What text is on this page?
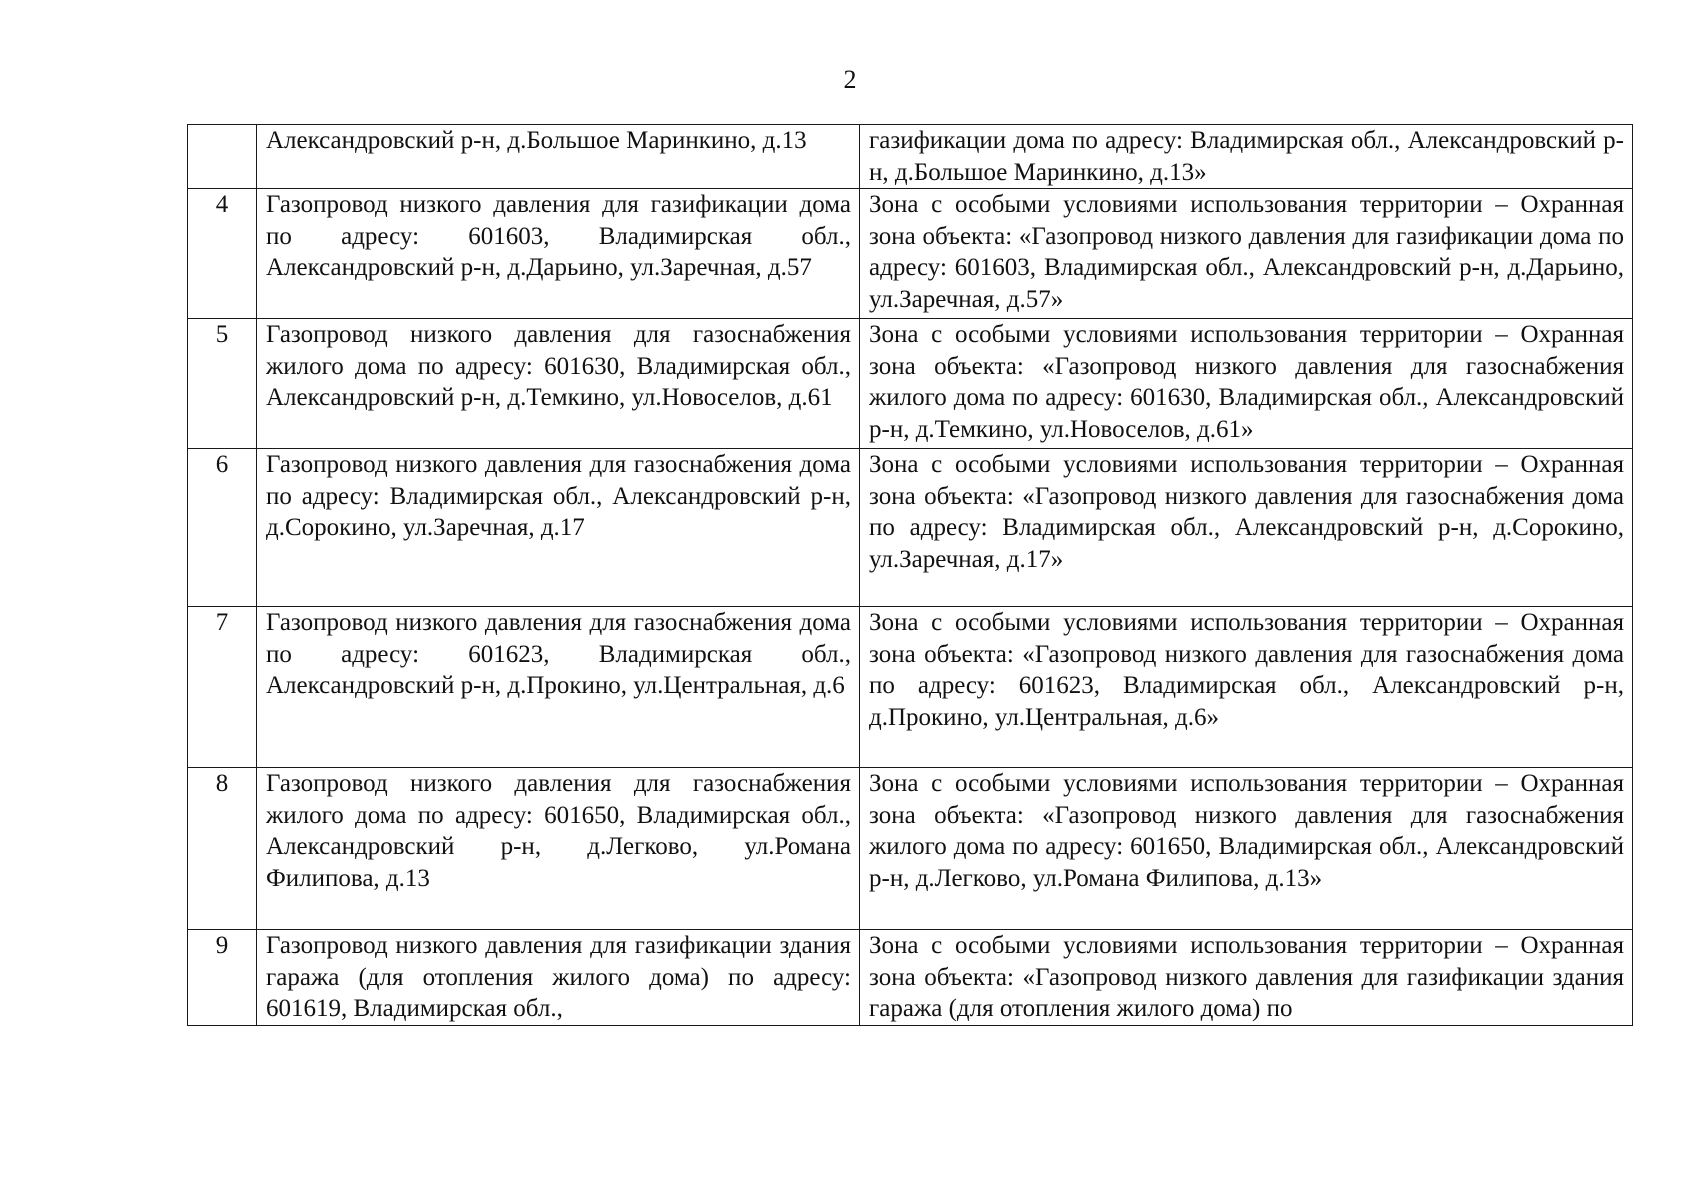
2
	Александровский р-н, д.Большое Маринкино, д.13	газификации дома по адресу: Владимирская обл., Александровский р-н, д.Большое Маринкино, д.13»
4	Газопровод низкого давления для газификации дома по адресу: 601603, Владимирская обл., Александровский р-н, д.Дарьино, ул.Заречная, д.57	Зона с особыми условиями использования территории – Охранная зона объекта: «Газопровод низкого давления для газификации дома по адресу: 601603, Владимирская обл., Александровский р-н, д.Дарьино, ул.Заречная, д.57»
5	Газопровод низкого давления для газоснабжения жилого дома по адресу: 601630, Владимирская обл., Александровский р-н, д.Темкино, ул.Новоселов, д.61	Зона с особыми условиями использования территории – Охранная зона объекта: «Газопровод низкого давления для газоснабжения жилого дома по адресу: 601630, Владимирская обл., Александровский р-н, д.Темкино, ул.Новоселов, д.61»
6	Газопровод низкого давления для газоснабжения дома по адресу: Владимирская обл., Александровский р-н, д.Сорокино, ул.Заречная, д.17	Зона с особыми условиями использования территории – Охранная зона объекта: «Газопровод низкого давления для газоснабжения дома по адресу: Владимирская обл., Александровский р-н, д.Сорокино, ул.Заречная, д.17»
7	Газопровод низкого давления для газоснабжения дома по адресу: 601623, Владимирская обл., Александровский р-н, д.Прокино, ул.Центральная, д.6	Зона с особыми условиями использования территории – Охранная зона объекта: «Газопровод низкого давления для газоснабжения дома по адресу: 601623, Владимирская обл., Александровский р-н, д.Прокино, ул.Центральная, д.6»
8	Газопровод низкого давления для газоснабжения жилого дома по адресу: 601650, Владимирская обл., Александровский р-н, д.Легково, ул.Романа Филипова, д.13	Зона с особыми условиями использования территории – Охранная зона объекта: «Газопровод низкого давления для газоснабжения жилого дома по адресу: 601650, Владимирская обл., Александровский р-н, д.Легково, ул.Романа Филипова, д.13»
9	Газопровод низкого давления для газификации здания гаража (для отопления жилого дома) по адресу: 601619, Владимирская обл.,	Зона с особыми условиями использования территории – Охранная зона объекта: «Газопровод низкого давления для газификации здания гаража (для отопления жилого дома) по
